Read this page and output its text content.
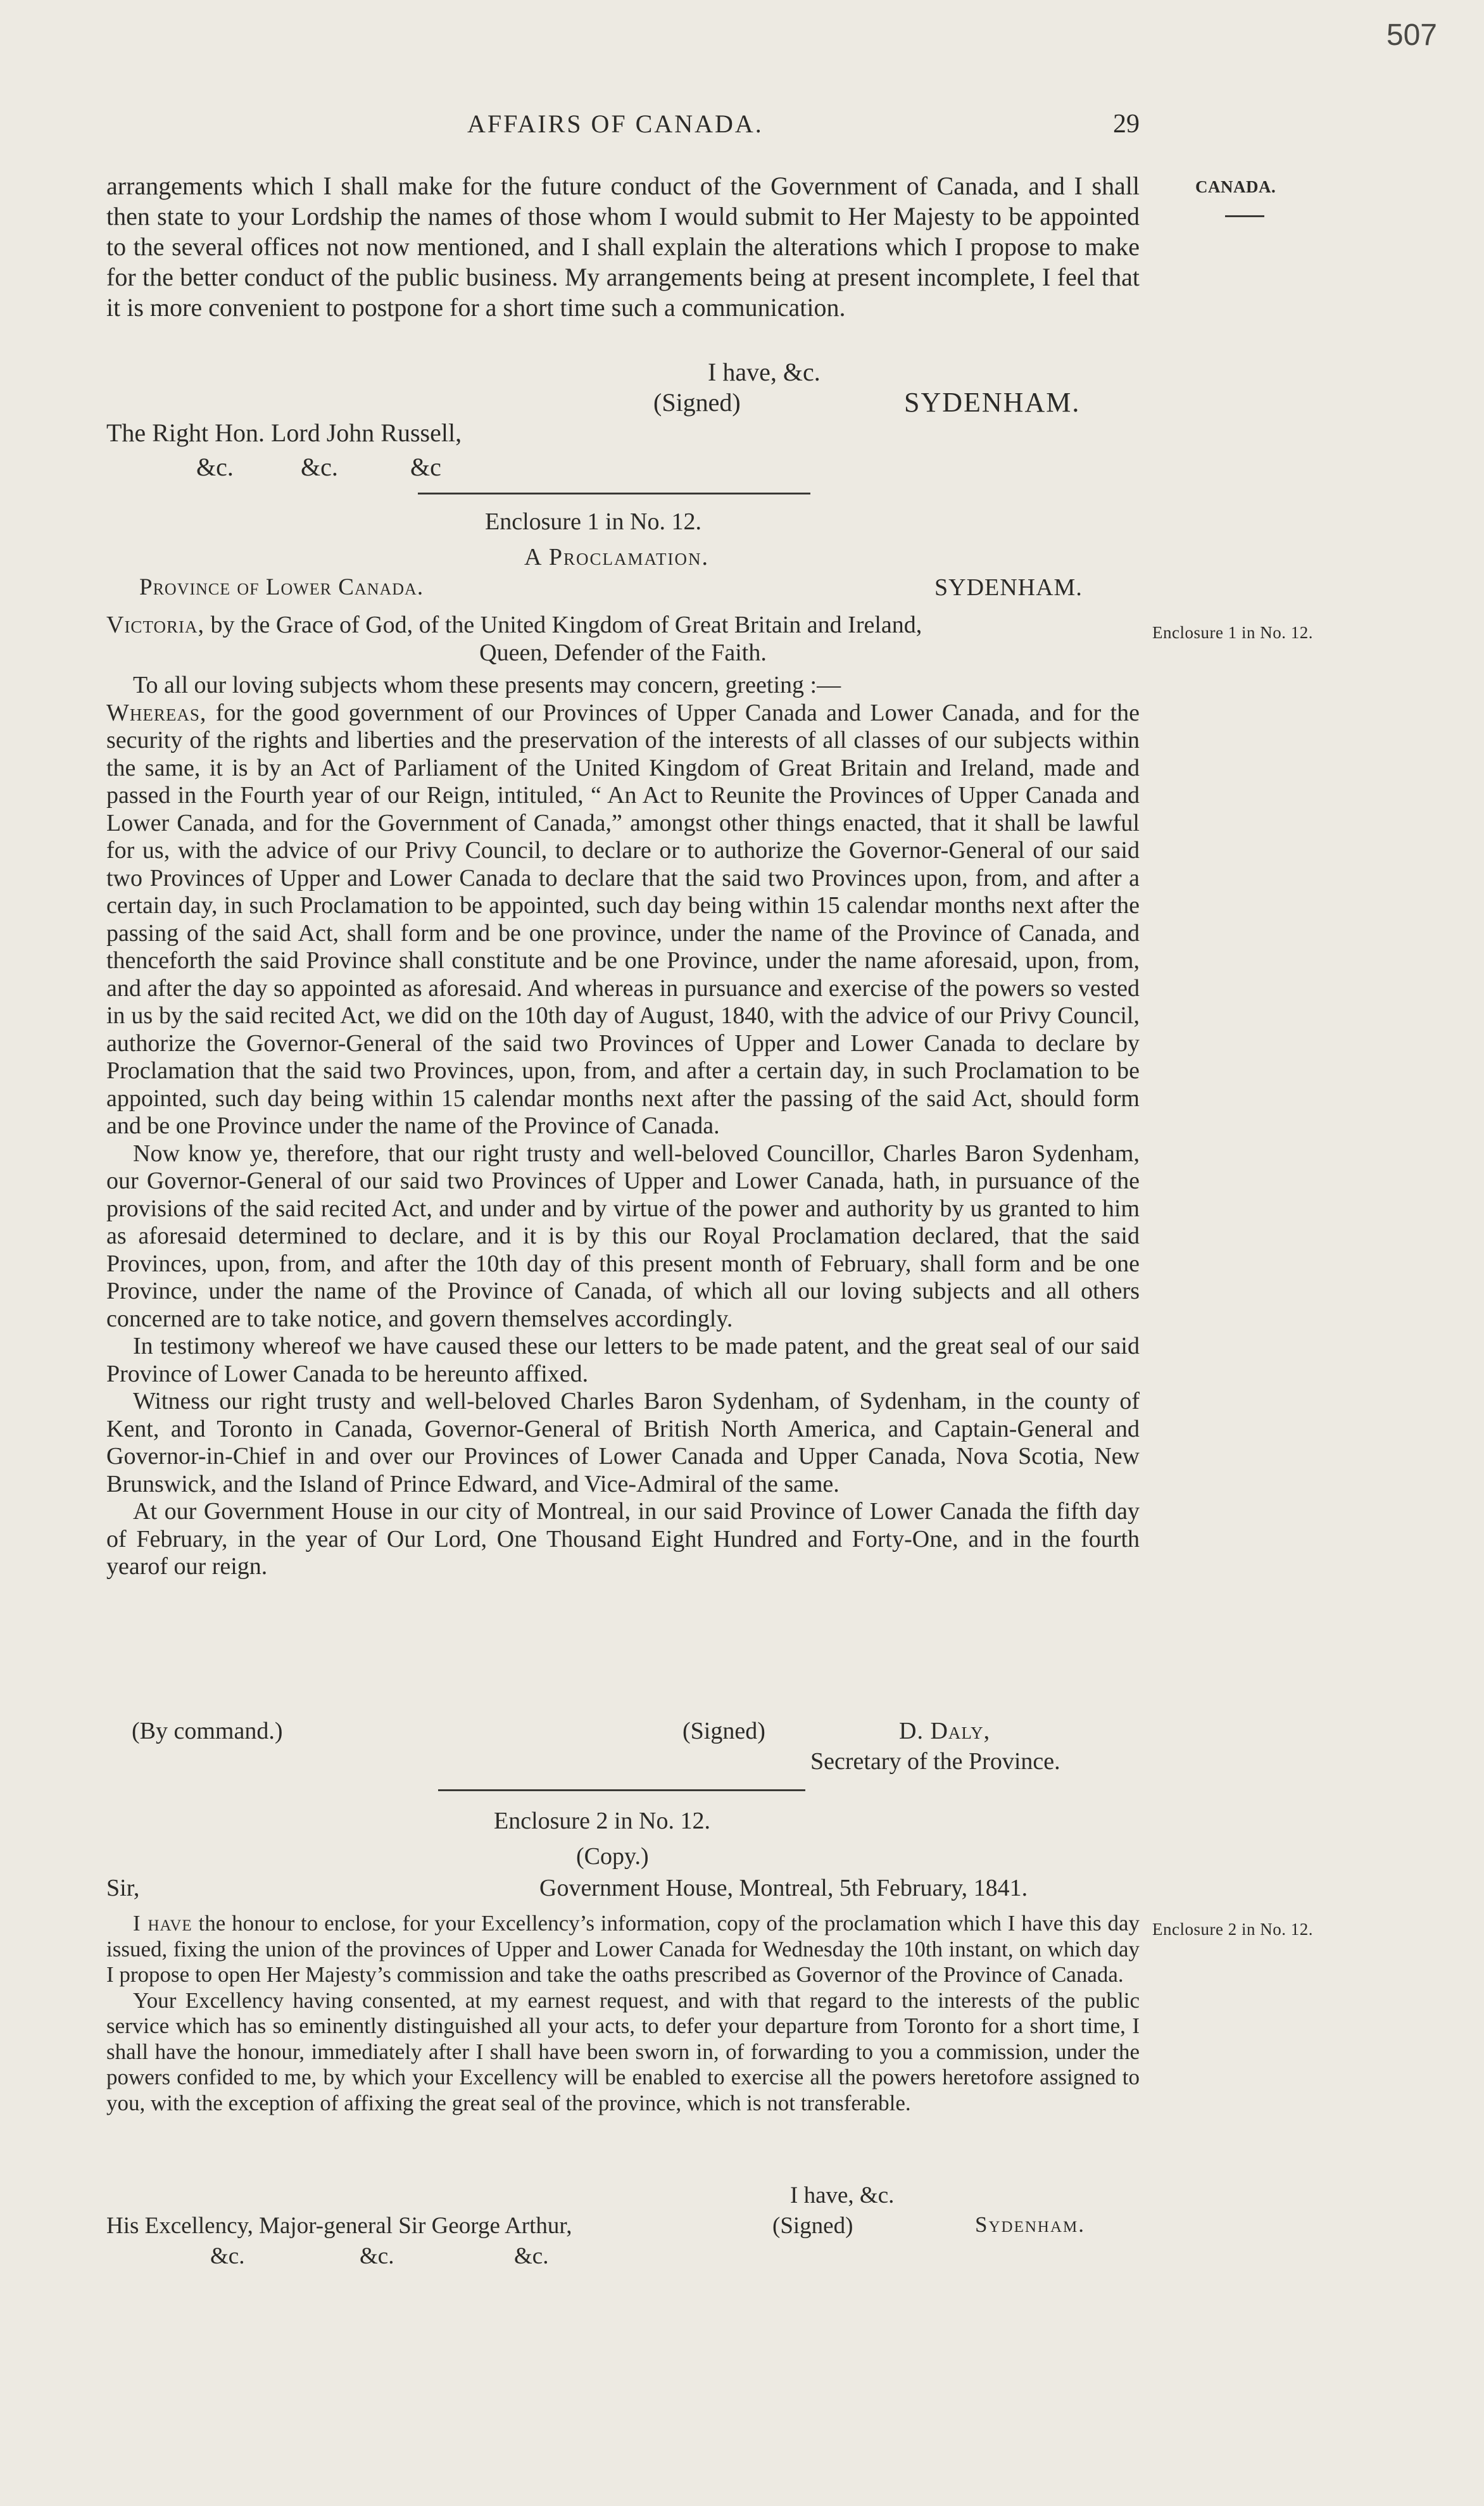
507
AFFAIRS OF CANADA.	29
CANADA.
Enclosure 1 in No. 12.
Enclosure 2 in No. 12.

arrangements which I shall make for the future conduct of the Government of Canada, and I shall then state to your Lordship the names of those whom I would submit to Her Majesty to be appointed to the several offices not now mentioned, and I shall explain the alterations which I propose to make for the better conduct of the public business. My arrangements being at present incomplete, I feel that it is more convenient to postpone for a short time such a communication.

I have, &c.
(Signed)	SYDENHAM.
The Right Hon. Lord John Russell,
&c.	&c.	&c
Enclosure 1 in No. 12.
A Proclamation.
Province of Lower Canada.	SYDENHAM.

Victoria, by the Grace of God, of the United Kingdom of Great Britain and Ireland,

Queen, Defender of the Faith.

To all our loving subjects whom these presents may concern, greeting :—

Whereas, for the good government of our Provinces of Upper Canada and Lower Canada, and for the security of the rights and liberties and the preservation of the interests of all classes of our subjects within the same, it is by an Act of Parliament of the United Kingdom of Great Britain and Ireland, made and passed in the Fourth year of our Reign, intituled, “ An Act to Reunite the Provinces of Upper Canada and Lower Canada, and for the Government of Canada,” amongst other things enacted, that it shall be lawful for us, with the advice of our Privy Council, to declare or to authorize the Governor-General of our said two Provinces of Upper and Lower Canada to declare that the said two Provinces upon, from, and after a certain day, in such Proclamation to be appointed, such day being within 15 calendar months next after the passing of the said Act, shall form and be one province, under the name of the Province of Canada, and thenceforth the said Province shall constitute and be one Province, under the name aforesaid, upon, from, and after the day so appointed as aforesaid. And whereas in pursuance and exercise of the powers so vested in us by the said recited Act, we did on the 10th day of August, 1840, with the advice of our Privy Council, authorize the Governor-General of the said two Provinces of Upper and Lower Canada to declare by Proclamation that the said two Provinces, upon, from, and after a certain day, in such Proclamation to be appointed, such day being within 15 calendar months next after the passing of the said Act, should form and be one Province under the name of the Province of Canada.

Now know ye, therefore, that our right trusty and well-beloved Councillor, Charles Baron Sydenham, our Governor-General of our said two Provinces of Upper and Lower Canada, hath, in pursuance of the provisions of the said recited Act, and under and by virtue of the power and authority by us granted to him as aforesaid determined to declare, and it is by this our Royal Proclamation declared, that the said Provinces, upon, from, and after the 10th day of this present month of February, shall form and be one Province, under the name of the Province of Canada, of which all our loving subjects and all others concerned are to take notice, and govern themselves accordingly.

In testimony whereof we have caused these our letters to be made patent, and the great seal of our said Province of Lower Canada to be hereunto affixed.

Witness our right trusty and well-beloved Charles Baron Sydenham, of Sydenham, in the county of Kent, and Toronto in Canada, Governor-General of British North America, and Captain-General and Governor-in-Chief in and over our Provinces of Lower Canada and Upper Canada, Nova Scotia, New Brunswick, and the Island of Prince Edward, and Vice-Admiral of the same.

At our Government House in our city of Montreal, in our said Province of Lower Canada the fifth day of February, in the year of Our Lord, One Thousand Eight Hundred and Forty-One, and in the fourth yearof our reign.

(By command.)	(Signed)	D. Daly,
Secretary of the Province.
Enclosure 2 in No. 12.
(Copy.)
Sir,	Government House, Montreal, 5th February, 1841.

I have the honour to enclose, for your Excellency’s information, copy of the proclamation which I have this day issued, fixing the union of the provinces of Upper and Lower Canada for Wednesday the 10th instant, on which day I propose to open Her Majesty’s commission and take the oaths prescribed as Governor of the Province of Canada.

Your Excellency having consented, at my earnest request, and with that regard to the interests of the public service which has so eminently distinguished all your acts, to defer your departure from Toronto for a short time, I shall have the honour, immediately after I shall have been sworn in, of forwarding to you a commission, under the powers confided to me, by which your Excellency will be enabled to exercise all the powers heretofore assigned to you, with the exception of affixing the great seal of the province, which is not transferable.

I have, &c.
His Excellency, Major-general Sir George Arthur,	(Signed)	Sydenham.
&c.	&c.	&c.
